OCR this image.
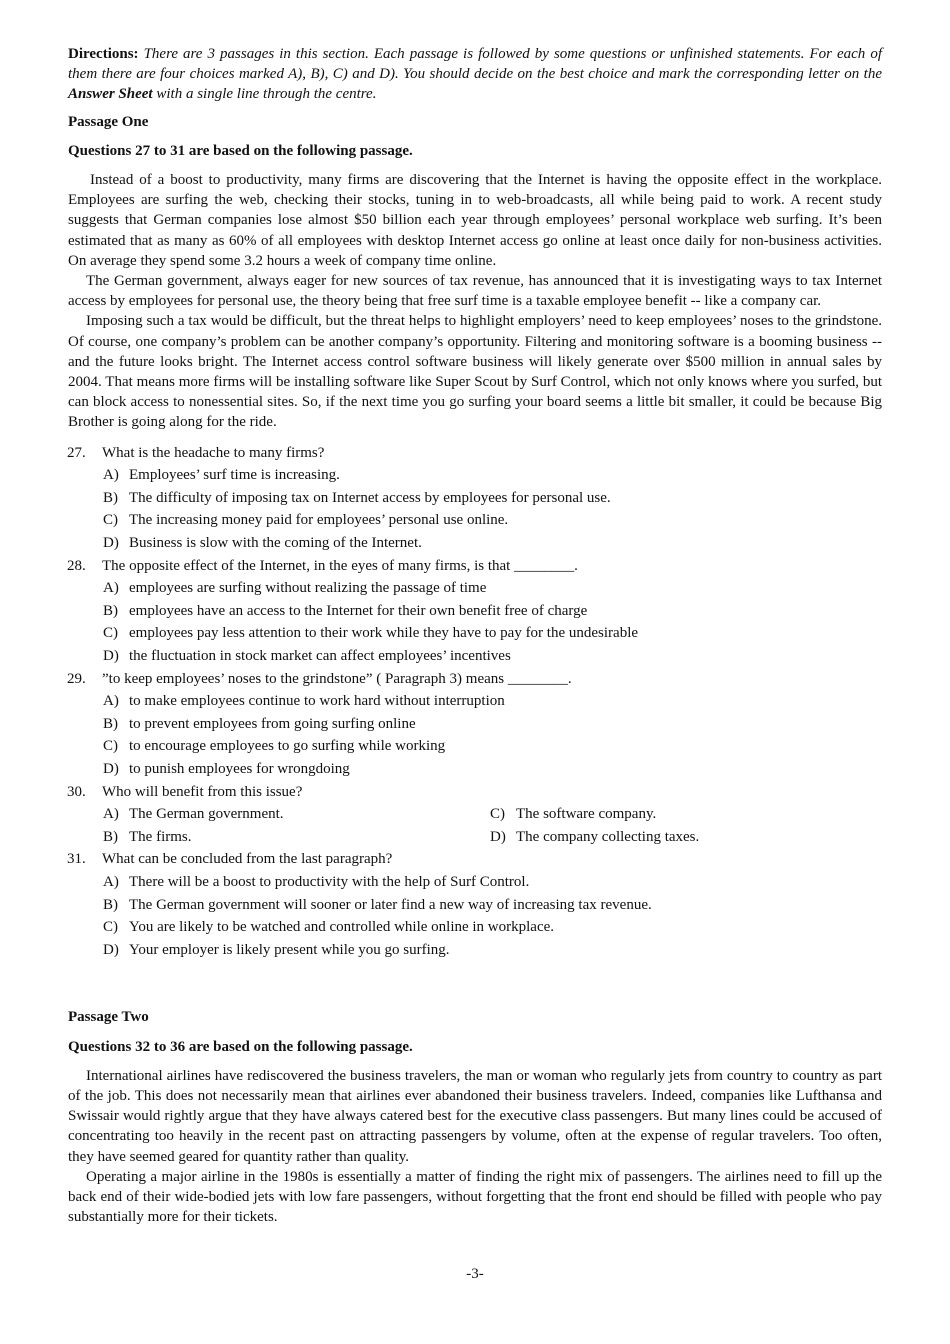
Directions: There are 3 passages in this section. Each passage is followed by some questions or unfinished statements. For each of them there are four choices marked A), B), C) and D). You should decide on the best choice and mark the corresponding letter on the Answer Sheet with a single line through the centre.

Passage One
Questions 27 to 31 are based on the following passage.

Instead of a boost to productivity, many firms are discovering that the Internet is having the opposite effect in the workplace. Employees are surfing the web, checking their stocks, tuning in to web-broadcasts, all while being paid to work. A recent study suggests that German companies lose almost $50 billion each year through employees’ personal workplace web surfing. It’s been estimated that as many as 60% of all employees with desktop Internet access go online at least once daily for non-business activities. On average they spend some 3.2 hours a week of company time online.

The German government, always eager for new sources of tax revenue, has announced that it is investigating ways to tax Internet access by employees for personal use, the theory being that free surf time is a taxable employee benefit -- like a company car.

Imposing such a tax would be difficult, but the threat helps to highlight employers’ need to keep employees’ noses to the grindstone. Of course, one company’s problem can be another company’s opportunity. Filtering and monitoring software is a booming business -- and the future looks bright. The Internet access control software business will likely generate over $500 million in annual sales by 2004. That means more firms will be installing software like Super Scout by Surf Control, which not only knows where you surfed, but can block access to nonessential sites. So, if the next time you go surfing your board seems a little bit smaller, it could be because Big Brother is going along for the ride.

27.	What is the headache to many firms?
A) Employees’ surf time is increasing.
B) The difficulty of imposing tax on Internet access by employees for personal use.
C) The increasing money paid for employees’ personal use online.
D) Business is slow with the coming of the Internet.
28.	The opposite effect of the Internet, in the eyes of many firms, is that ________.
A) employees are surfing without realizing the passage of time
B) employees have an access to the Internet for their own benefit free of charge
C) employees pay less attention to their work while they have to pay for the undesirable
D) the fluctuation in stock market can affect employees’ incentives
29.	”to keep employees’ noses to the grindstone” ( Paragraph 3) means ________.
A) to make employees continue to work hard without interruption
B) to prevent employees from going surfing online
C) to encourage employees to go surfing while working
D) to punish employees for wrongdoing
30.	Who will benefit from this issue?
A) The German government.	C) The software company.
B) The firms.	D) The company collecting taxes.
31.	What can be concluded from the last paragraph?
A) There will be a boost to productivity with the help of Surf Control.
B) The German government will sooner or later find a new way of increasing tax revenue.
C) You are likely to be watched and controlled while online in workplace.
D) Your employer is likely present while you go surfing.
Passage Two
Questions 32 to 36 are based on the following passage.

International airlines have rediscovered the business travelers, the man or woman who regularly jets from country to country as part of the job. This does not necessarily mean that airlines ever abandoned their business travelers. Indeed, companies like Lufthansa and Swissair would rightly argue that they have always catered best for the executive class passengers. But many lines could be accused of concentrating too heavily in the recent past on attracting passengers by volume, often at the expense of regular travelers. Too often, they have seemed geared for quantity rather than quality.

Operating a major airline in the 1980s is essentially a matter of finding the right mix of passengers. The airlines need to fill up the back end of their wide-bodied jets with low fare passengers, without forgetting that the front end should be filled with people who pay substantially more for their tickets.

-3-
